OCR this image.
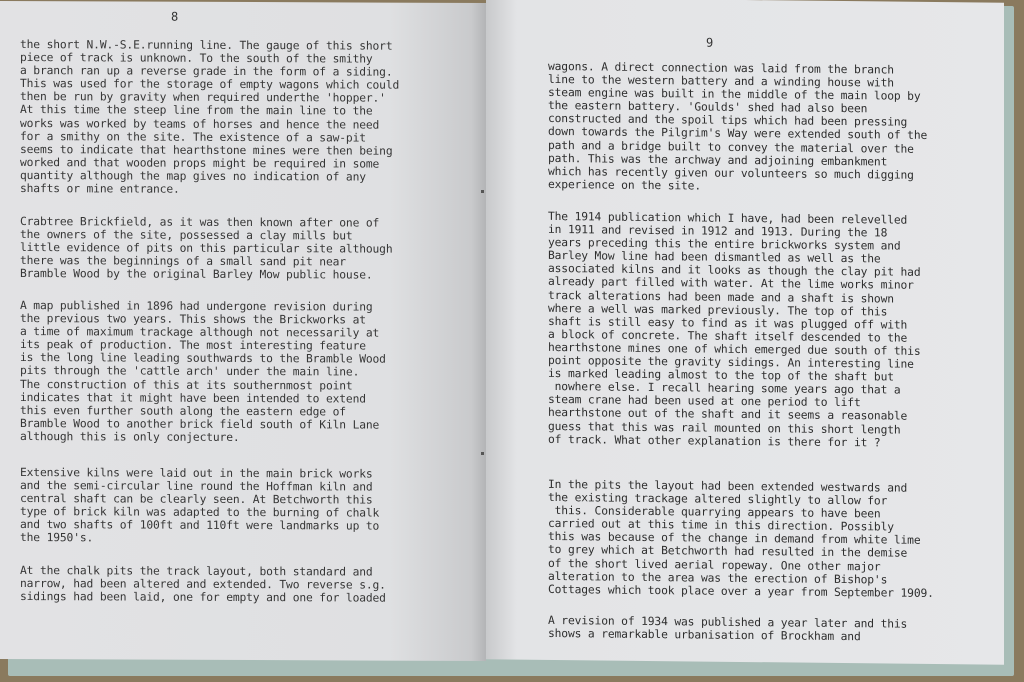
8
the short N.W.-S.E.running line. The gauge of this short
piece of track is unknown. To the south of the smithy
a branch ran up a reverse grade in the form of a siding.
This was used for the storage of empty wagons which could
then be run by gravity when required underthe 'hopper.'
At this time the steep line from the main line to the
works was worked by teams of horses and hence the need
for a smithy on the site. The existence of a saw-pit
seems to indicate that hearthstone mines were then being
worked and that wooden props might be required in some
quantity although the map gives no indication of any
shafts or mine entrance.
Crabtree Brickfield, as it was then known after one of
the owners of the site, possessed a clay mills but
little evidence of pits on this particular site although
there was the beginnings of a small sand pit near
Bramble Wood by the original Barley Mow public house.
A map published in 1896 had undergone revision during
the previous two years. This shows the Brickworks at
a time of maximum trackage although not necessarily at
its peak of production. The most interesting feature
is the long line leading southwards to the Bramble Wood
pits through the 'cattle arch' under the main line.
The construction of this at its southernmost point
indicates that it might have been intended to extend
this even further south along the eastern edge of
Bramble Wood to another brick field south of Kiln Lane
although this is only conjecture.
Extensive kilns were laid out in the main brick works
and the semi-circular line round the Hoffman kiln and
central shaft can be clearly seen. At Betchworth this
type of brick kiln was adapted to the burning of chalk
and two shafts of 100ft and 110ft were landmarks up to
the 1950's.
At the chalk pits the track layout, both standard and
narrow, had been altered and extended. Two reverse s.g.
sidings had been laid, one for empty and one for loaded
9
wagons. A direct connection was laid from the branch
line to the western battery and a winding house with
steam engine was built in the middle of the main loop by
the eastern battery. 'Goulds' shed had also been
constructed and the spoil tips which had been pressing
down towards the Pilgrim's Way were extended south of the
path and a bridge built to convey the material over the
path. This was the archway and adjoining embankment
which has recently given our volunteers so much digging
experience on the site.
The 1914 publication which I have, had been relevelled
in 1911 and revised in 1912 and 1913. During the 18
years preceding this the entire brickworks system and
Barley Mow line had been dismantled as well as the
associated kilns and it looks as though the clay pit had
already part filled with water. At the lime works minor
track alterations had been made and a shaft is shown
where a well was marked previously. The top of this
shaft is still easy to find as it was plugged off with
a block of concrete. The shaft itself descended to the
hearthstone mines one of which emerged due south of this
point opposite the gravity sidings. An interesting line
is marked leading almost to the top of the shaft but
nowhere else. I recall hearing some years ago that a
steam crane had been used at one period to lift
hearthstone out of the shaft and it seems a reasonable
guess that this was rail mounted on this short length
of track. What other explanation is there for it ?
In the pits the layout had been extended westwards and
the existing trackage altered slightly to allow for
this. Considerable quarrying appears to have been
carried out at this time in this direction. Possibly
this was because of the change in demand from white lime
to grey which at Betchworth had resulted in the demise
of the short lived aerial ropeway. One other major
alteration to the area was the erection of Bishop's
Cottages which took place over a year from September 1909.
A revision of 1934 was published a year later and this
shows a remarkable urbanisation of Brockham and
